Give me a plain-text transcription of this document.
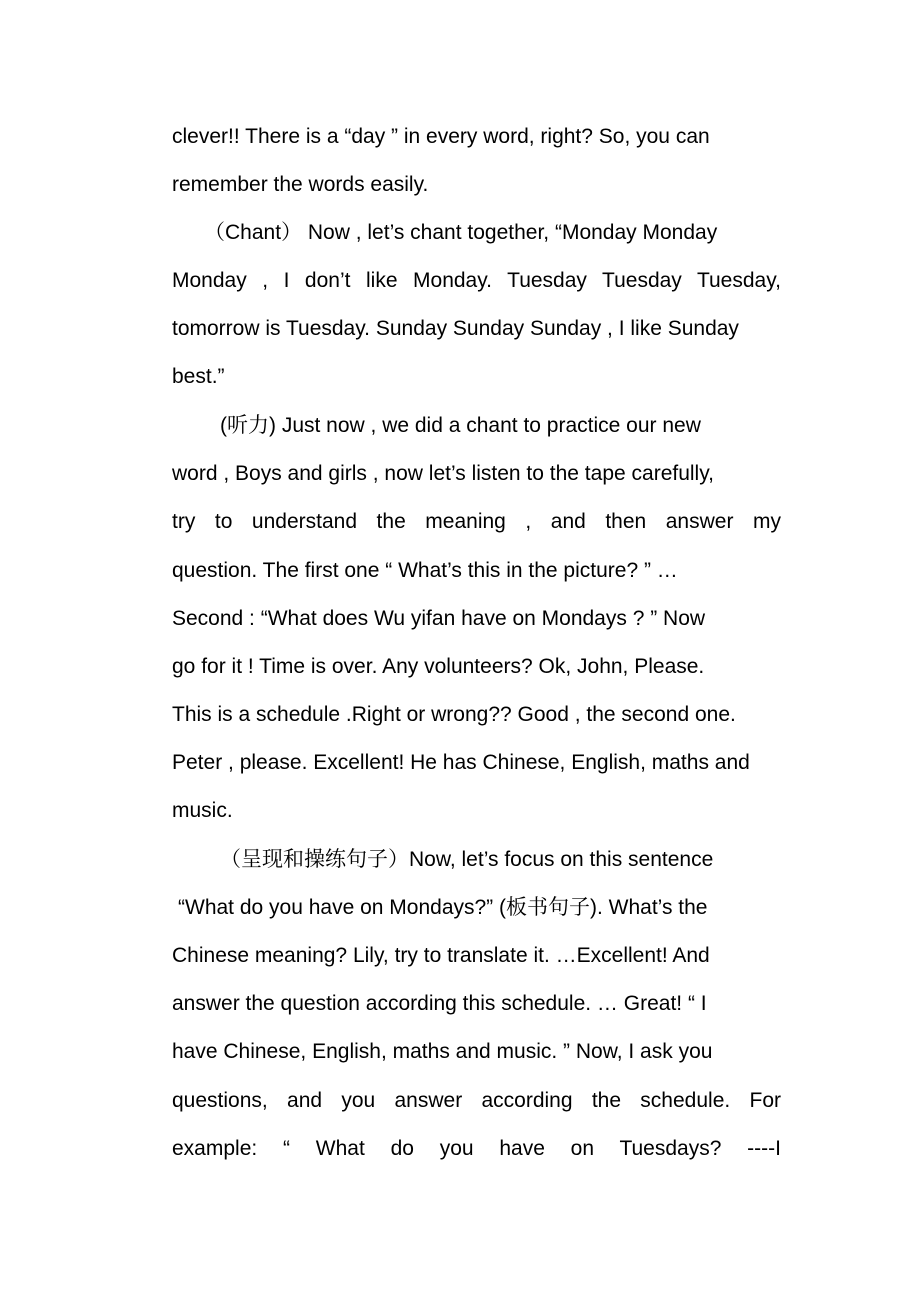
clever!! There is a “day ” in every word, right? So, you can
remember the words easily.
（Chant） Now , let’s chant together, “Monday Monday
Monday , I don’t like Monday. Tuesday Tuesday Tuesday,
tomorrow is Tuesday. Sunday Sunday Sunday , I like Sunday
best.”
(听力) Just now , we did a chant to practice our new
word , Boys and girls , now let’s listen to the tape carefully,
try to understand the meaning , and then answer my
question. The first one “ What’s this in the picture? ” …
Second : “What does Wu yifan have on Mondays ? ” Now
go for it ! Time is over. Any volunteers? Ok, John, Please.
This is a schedule .Right or wrong?? Good , the second one.
Peter , please. Excellent! He has Chinese, English, maths and
music.
（呈现和操练句子）Now, let’s focus on this sentence
“What do you have on Mondays?” (板书句子). What’s the
Chinese meaning? Lily, try to translate it. …Excellent! And
answer the question according this schedule. … Great! “ I
have Chinese, English, maths and music. ” Now, I ask you
questions, and you answer according the schedule. For
example: “ What do you have on Tuesdays? ----I
